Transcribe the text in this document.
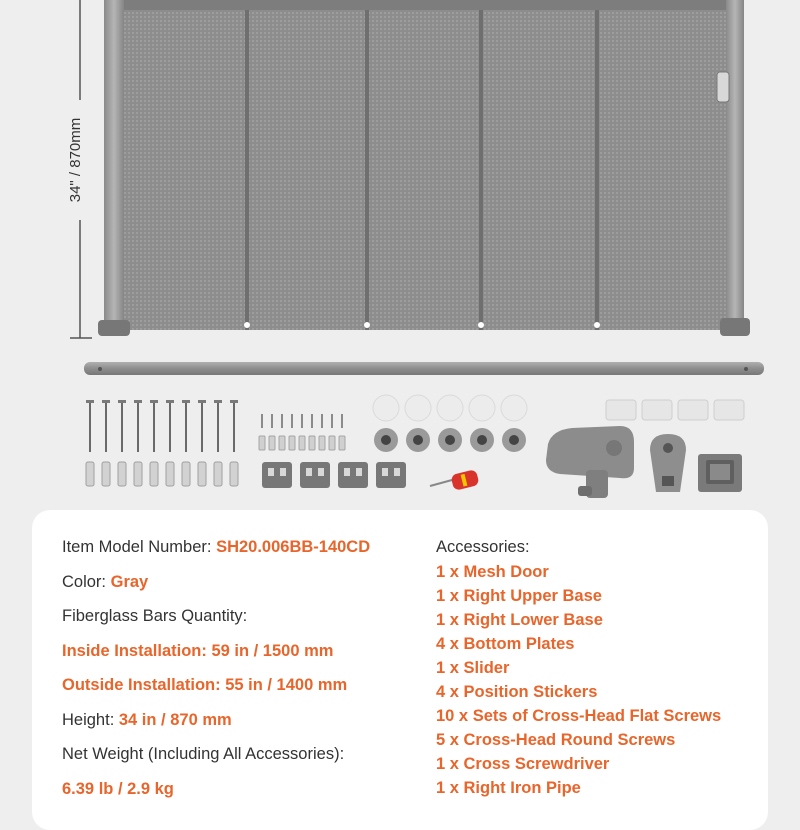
34" / 870mm
Item Model Number: SH20.006BB-140CD
Color: Gray
Fiberglass Bars Quantity:
Inside Installation: 59 in / 1500 mm
Outside Installation: 55 in / 1400 mm
Height: 34 in / 870 mm
Net Weight (Including All Accessories):
6.39 lb / 2.9 kg
Accessories:
1 x Mesh Door
1 x Right Upper Base
1 x Right Lower Base
4 x Bottom Plates
1 x Slider
4 x Position Stickers
10 x Sets of Cross-Head Flat Screws
5 x Cross-Head Round Screws
1 x Cross Screwdriver
1 x Right Iron Pipe
